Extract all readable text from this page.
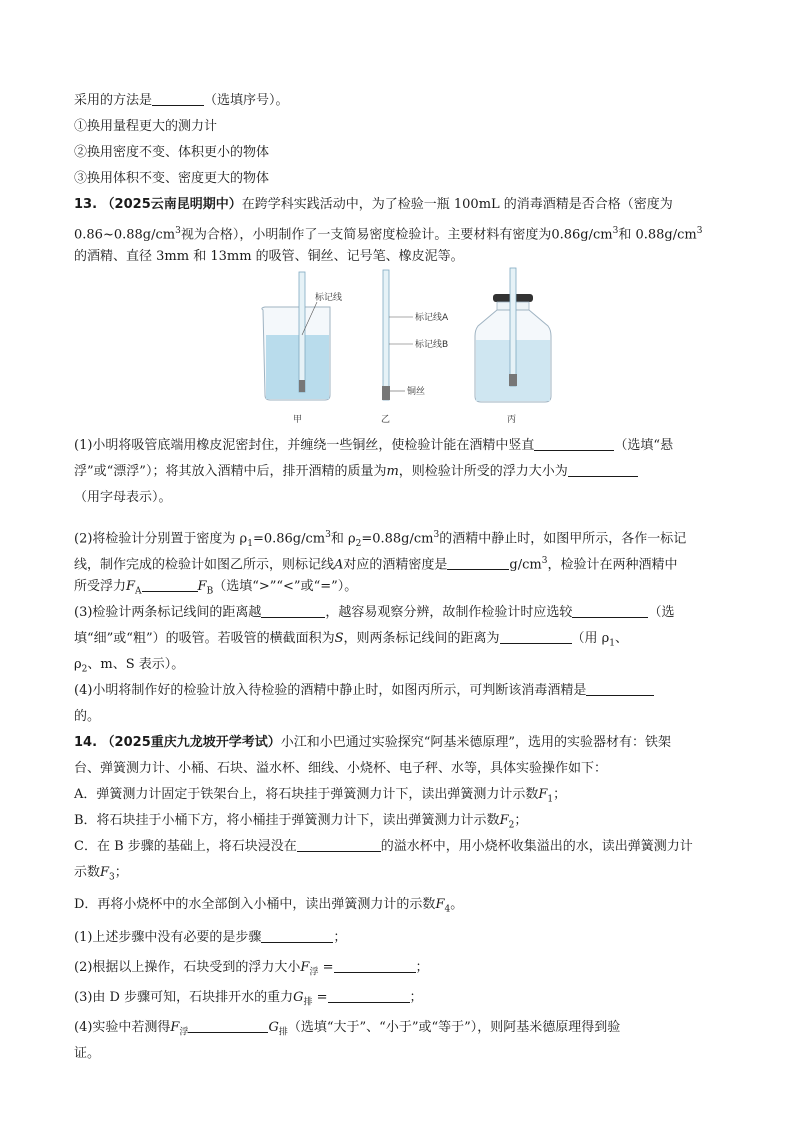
采用的方法是	（选填序号）。
①换用量程更大的测力计
②换用密度不变、体积更小的物体
③换用体积不变、密度更大的物体
13. （2025云南昆明期中）在跨学科实践活动中，为了检验一瓶 100mL 的消毒酒精是否合格（密度为
$0.86\sim 0.88g/cm^3$视为合格），小明制作了一支简易密度检验计。主要材料有密度为$0.86g/cm^3$和 $0.88g/cm^3$
的酒精、直径 3mm 和 13mm 的吸管、铜丝、记号笔、橡皮泥等。
标记线
标记线A
标记线B
铜丝
甲	乙	丙
(1)小明将吸管底端用橡皮泥密封住，并缠绕一些铜丝，使检验计能在酒精中竖直	（选填“悬
浮”或“漂浮”）；将其放入酒精中后，排开酒精的质量为m，则检验计所受的浮力大小为
（用字母表示）。
(2)将检验计分别置于密度为 $\rho_1=0.86g/cm^3$和 $\rho_2=0.88g/cm^3$的酒精中静止时，如图甲所示，各作一标记
线，制作完成的检验计如图乙所示，则标记线A对应的酒精密度是	$g/cm^3$，检验计在两种酒精中
所受浮力$F_A$	$F_B$（选填“>”“<”或“=”）。
(3)检验计两条标记线间的距离越	，越容易观察分辨，故制作检验计时应选较	（选
填“细”或“粗”）的吸管。若吸管的横截面积为S，则两条标记线间的距离为	（用 $\rho_1$、
$\rho_2$、m、S 表示）。
(4)小明将制作好的检验计放入待检验的酒精中静止时，如图丙所示，可判断该消毒酒精是
的。
14. （2025重庆九龙坡开学考试）小江和小巴通过实验探究“阿基米德原理”，选用的实验器材有：铁架
台、弹簧测力计、小桶、石块、溢水杯、细线、小烧杯、电子秤、水等，具体实验操作如下：
A．弹簧测力计固定于铁架台上，将石块挂于弹簧测力计下，读出弹簧测力计示数$F_1$；
B．将石块挂于小桶下方，将小桶挂于弹簧测力计下，读出弹簧测力计示数$F_2$；
C．在 B 步骤的基础上，将石块浸没在	的溢水杯中，用小烧杯收集溢出的水，读出弹簧测力计
示数$F_3$；
D．再将小烧杯中的水全部倒入小桶中，读出弹簧测力计的示数$F_4$。
(1)上述步骤中没有必要的是步骤	；
(2)根据以上操作，石块受到的浮力大小$F_浮$ =	；
(3)由 D 步骤可知，石块排开水的重力$G_排$ =	；
(4)实验中若测得$F_浮$	$G_排$（选填“大于”、“小于”或“等于”），则阿基米德原理得到验
证。
